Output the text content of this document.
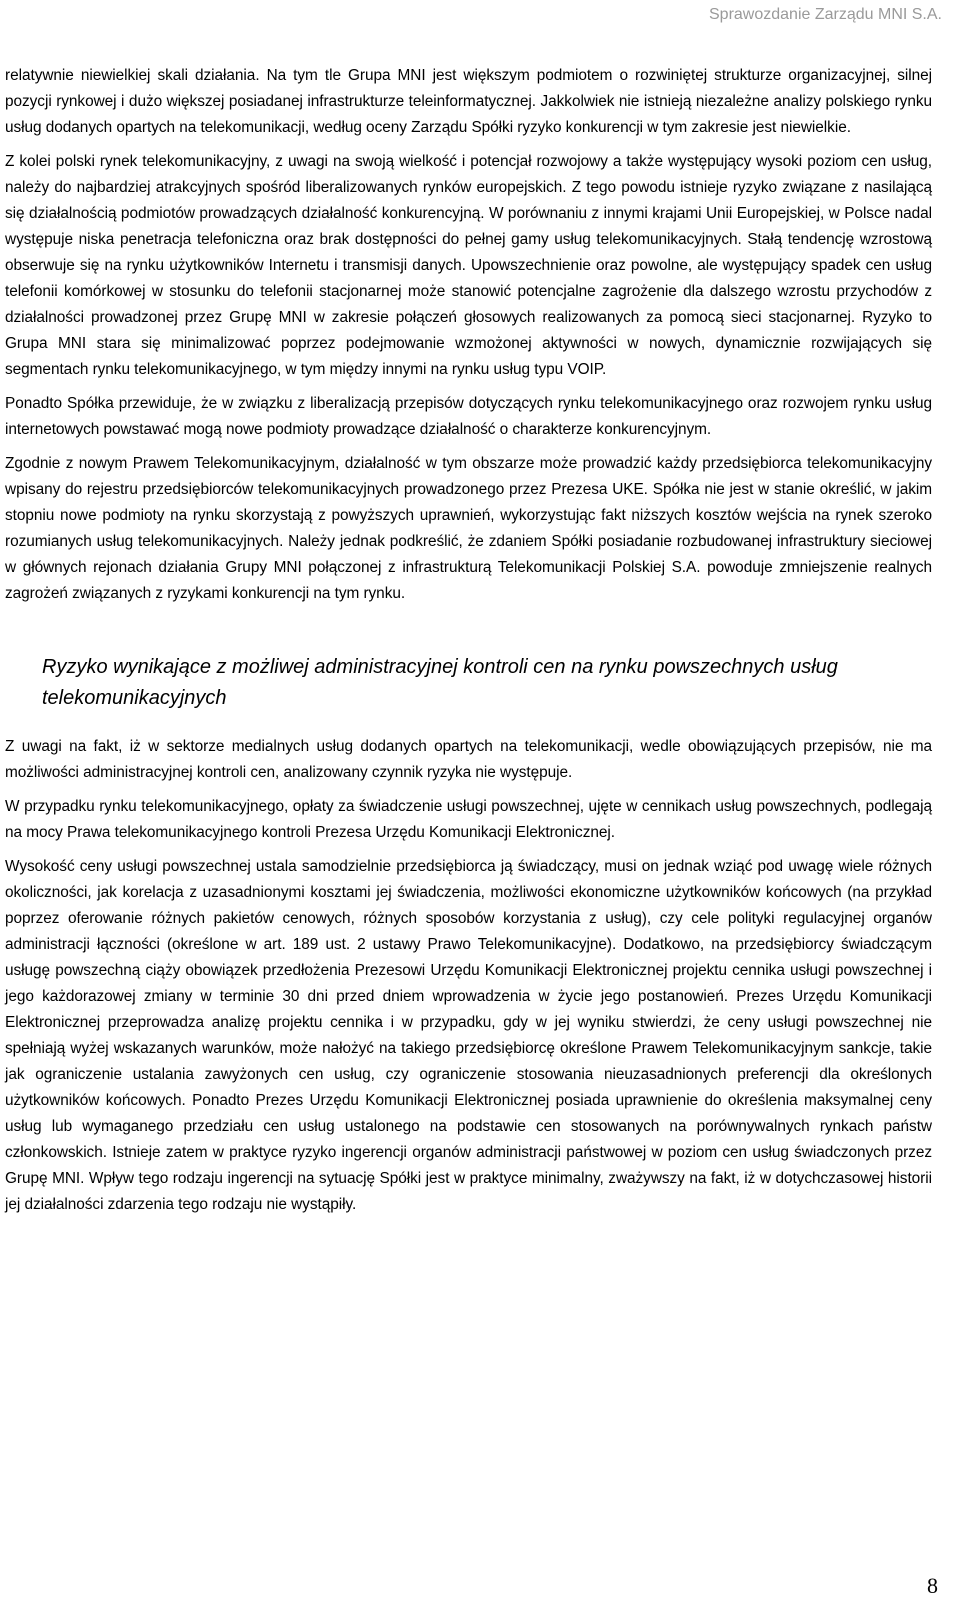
Sprawozdanie Zarządu MNI S.A.

relatywnie niewielkiej skali działania. Na tym tle Grupa MNI jest większym podmiotem o rozwiniętej strukturze organizacyjnej, silnej pozycji rynkowej i dużo większej posiadanej infrastrukturze teleinformatycznej. Jakkolwiek nie istnieją niezależne analizy polskiego rynku usług dodanych opartych na telekomunikacji, według oceny Zarządu Spółki ryzyko konkurencji w tym zakresie jest niewielkie.

Z kolei polski rynek telekomunikacyjny, z uwagi na swoją wielkość i potencjał rozwojowy a także występujący wysoki poziom cen usług, należy do najbardziej atrakcyjnych spośród liberalizowanych rynków europejskich. Z tego powodu istnieje ryzyko związane z nasilającą się działalnością podmiotów prowadzących działalność konkurencyjną. W porównaniu z innymi krajami Unii Europejskiej, w Polsce nadal występuje niska penetracja telefoniczna oraz brak dostępności do pełnej gamy usług telekomunikacyjnych. Stałą tendencję wzrostową obserwuje się na rynku użytkowników Internetu i transmisji danych. Upowszechnienie oraz powolne, ale występujący spadek cen usług telefonii komórkowej w stosunku do telefonii stacjonarnej może stanowić potencjalne zagrożenie dla dalszego wzrostu przychodów z działalności prowadzonej przez Grupę MNI w zakresie połączeń głosowych realizowanych za pomocą sieci stacjonarnej. Ryzyko to Grupa MNI stara się minimalizować poprzez podejmowanie wzmożonej aktywności w nowych, dynamicznie rozwijających się segmentach rynku telekomunikacyjnego, w tym między innymi na rynku usług typu VOIP.

Ponadto Spółka przewiduje, że w związku z liberalizacją przepisów dotyczących rynku telekomunikacyjnego oraz rozwojem rynku usług internetowych powstawać mogą nowe podmioty prowadzące działalność o charakterze konkurencyjnym.

Zgodnie z nowym Prawem Telekomunikacyjnym, działalność w tym obszarze może prowadzić każdy przedsiębiorca telekomunikacyjny wpisany do rejestru przedsiębiorców telekomunikacyjnych prowadzonego przez Prezesa UKE. Spółka nie jest w stanie określić, w jakim stopniu nowe podmioty na rynku skorzystają z powyższych uprawnień, wykorzystując fakt niższych kosztów wejścia na rynek szeroko rozumianych usług telekomunikacyjnych. Należy jednak podkreślić, że zdaniem Spółki posiadanie rozbudowanej infrastruktury sieciowej w głównych rejonach działania Grupy MNI połączonej z infrastrukturą Telekomunikacji Polskiej S.A. powoduje zmniejszenie realnych zagrożeń związanych z ryzykami konkurencji na tym rynku.

Ryzyko wynikające z możliwej administracyjnej kontroli cen na rynku powszechnych usług telekomunikacyjnych

Z uwagi na fakt, iż w sektorze medialnych usług dodanych opartych na telekomunikacji, wedle obowiązujących przepisów, nie ma możliwości administracyjnej kontroli cen, analizowany czynnik ryzyka nie występuje.

W przypadku rynku telekomunikacyjnego, opłaty za świadczenie usługi powszechnej, ujęte w cennikach usług powszechnych, podlegają na mocy Prawa telekomunikacyjnego kontroli Prezesa Urzędu Komunikacji Elektronicznej.

Wysokość ceny usługi powszechnej ustala samodzielnie przedsiębiorca ją świadczący, musi on jednak wziąć pod uwagę wiele różnych okoliczności, jak korelacja z uzasadnionymi kosztami jej świadczenia, możliwości ekonomiczne użytkowników końcowych (na przykład poprzez oferowanie różnych pakietów cenowych, różnych sposobów korzystania z usług), czy cele polityki regulacyjnej organów administracji łączności (określone w art. 189 ust. 2 ustawy Prawo Telekomunikacyjne). Dodatkowo, na przedsiębiorcy świadczącym usługę powszechną ciąży obowiązek przedłożenia Prezesowi Urzędu Komunikacji Elektronicznej projektu cennika usługi powszechnej i jego każdorazowej zmiany w terminie 30 dni przed dniem wprowadzenia w życie jego postanowień. Prezes Urzędu Komunikacji Elektronicznej przeprowadza analizę projektu cennika i w przypadku, gdy w jej wyniku stwierdzi, że ceny usługi powszechnej nie spełniają wyżej wskazanych warunków, może nałożyć na takiego przedsiębiorcę określone Prawem Telekomunikacyjnym sankcje, takie jak ograniczenie ustalania zawyżonych cen usług, czy ograniczenie stosowania nieuzasadnionych preferencji dla określonych użytkowników końcowych. Ponadto Prezes Urzędu Komunikacji Elektronicznej posiada uprawnienie do określenia maksymalnej ceny usług lub wymaganego przedziału cen usług ustalonego na podstawie cen stosowanych na porównywalnych rynkach państw członkowskich. Istnieje zatem w praktyce ryzyko ingerencji organów administracji państwowej w poziom cen usług świadczonych przez Grupę MNI. Wpływ tego rodzaju ingerencji na sytuację Spółki jest w praktyce minimalny, zważywszy na fakt, iż w dotychczasowej historii jej działalności zdarzenia tego rodzaju nie wystąpiły.

8
